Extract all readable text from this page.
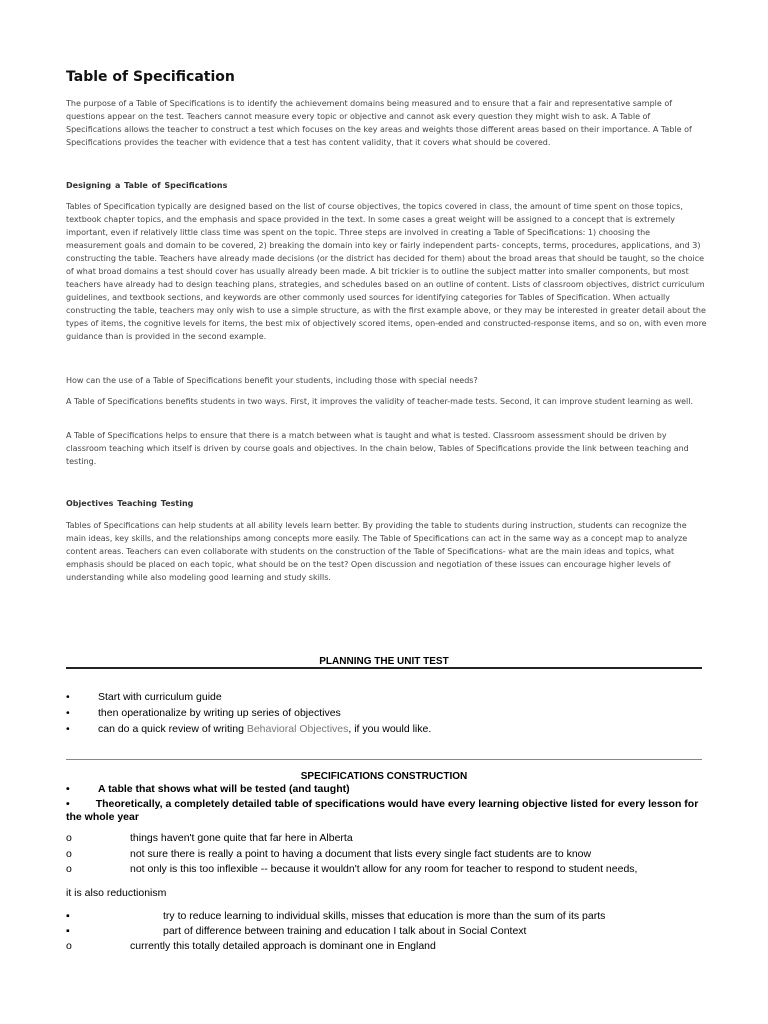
Table of Specification

The purpose of a Table of Specifications is to identify the achievement domains being measured and to ensure that a fair and representative sample of questions appear on the test. Teachers cannot measure every topic or objective and cannot ask every question they might wish to ask. A Table of Specifications allows the teacher to construct a test which focuses on the key areas and weights those different areas based on their importance. A Table of Specifications provides the teacher with evidence that a test has content validity, that it covers what should be covered.

Designing a Table of Specifications

Tables of Specification typically are designed based on the list of course objectives, the topics covered in class, the amount of time spent on those topics, textbook chapter topics, and the emphasis and space provided in the text. In some cases a great weight will be assigned to a concept that is extremely important, even if relatively little class time was spent on the topic. Three steps are involved in creating a Table of Specifications: 1) choosing the measurement goals and domain to be covered, 2) breaking the domain into key or fairly independent parts- concepts, terms, procedures, applications, and 3) constructing the table. Teachers have already made decisions (or the district has decided for them) about the broad areas that should be taught, so the choice of what broad domains a test should cover has usually already been made. A bit trickier is to outline the subject matter into smaller components, but most teachers have already had to design teaching plans, strategies, and schedules based on an outline of content. Lists of classroom objectives, district curriculum guidelines, and textbook sections, and keywords are other commonly used sources for identifying categories for Tables of Specification. When actually constructing the table, teachers may only wish to use a simple structure, as with the first example above, or they may be interested in greater detail about the types of items, the cognitive levels for items, the best mix of objectively scored items, open-ended and constructed-response items, and so on, with even more guidance than is provided in the second example.

How can the use of a Table of Specifications benefit your students, including those with special needs?

A Table of Specifications benefits students in two ways. First, it improves the validity of teacher-made tests. Second, it can improve student learning as well.

A Table of Specifications helps to ensure that there is a match between what is taught and what is tested. Classroom assessment should be driven by classroom teaching which itself is driven by course goals and objectives. In the chain below, Tables of Specifications provide the link between teaching and testing.

Objectives Teaching Testing

Tables of Specifications can help students at all ability levels learn better. By providing the table to students during instruction, students can recognize the main ideas, key skills, and the relationships among concepts more easily. The Table of Specifications can act in the same way as a concept map to analyze content areas. Teachers can even collaborate with students on the construction of the Table of Specifications- what are the main ideas and topics, what emphasis should be placed on each topic, what should be on the test? Open discussion and negotiation of these issues can encourage higher levels of understanding while also modeling good learning and study skills.

PLANNING THE UNIT TEST

•	Start with curriculum guide
•	then operationalize by writing up series of objectives
•	can do a quick review of writing Behavioral Objectives, if you would like.

SPECIFICATIONS CONSTRUCTION

•	A table that shows what will be tested (and taught)
• Theoretically, a completely detailed table of specifications would have every learning objective listed for every lesson for the whole year
o	things haven't gone quite that far here in Alberta
o	not sure there is really a point to having a document that lists every single fact students are to know
o	not only is this too inflexible -- because it wouldn't allow for any room for teacher to respond to student needs,

it is also reductionism

▪	try to reduce learning to individual skills, misses that education is more than the sum of its parts
▪	part of difference between training and education I talk about in Social Context
o	currently this totally detailed approach is dominant one in England
